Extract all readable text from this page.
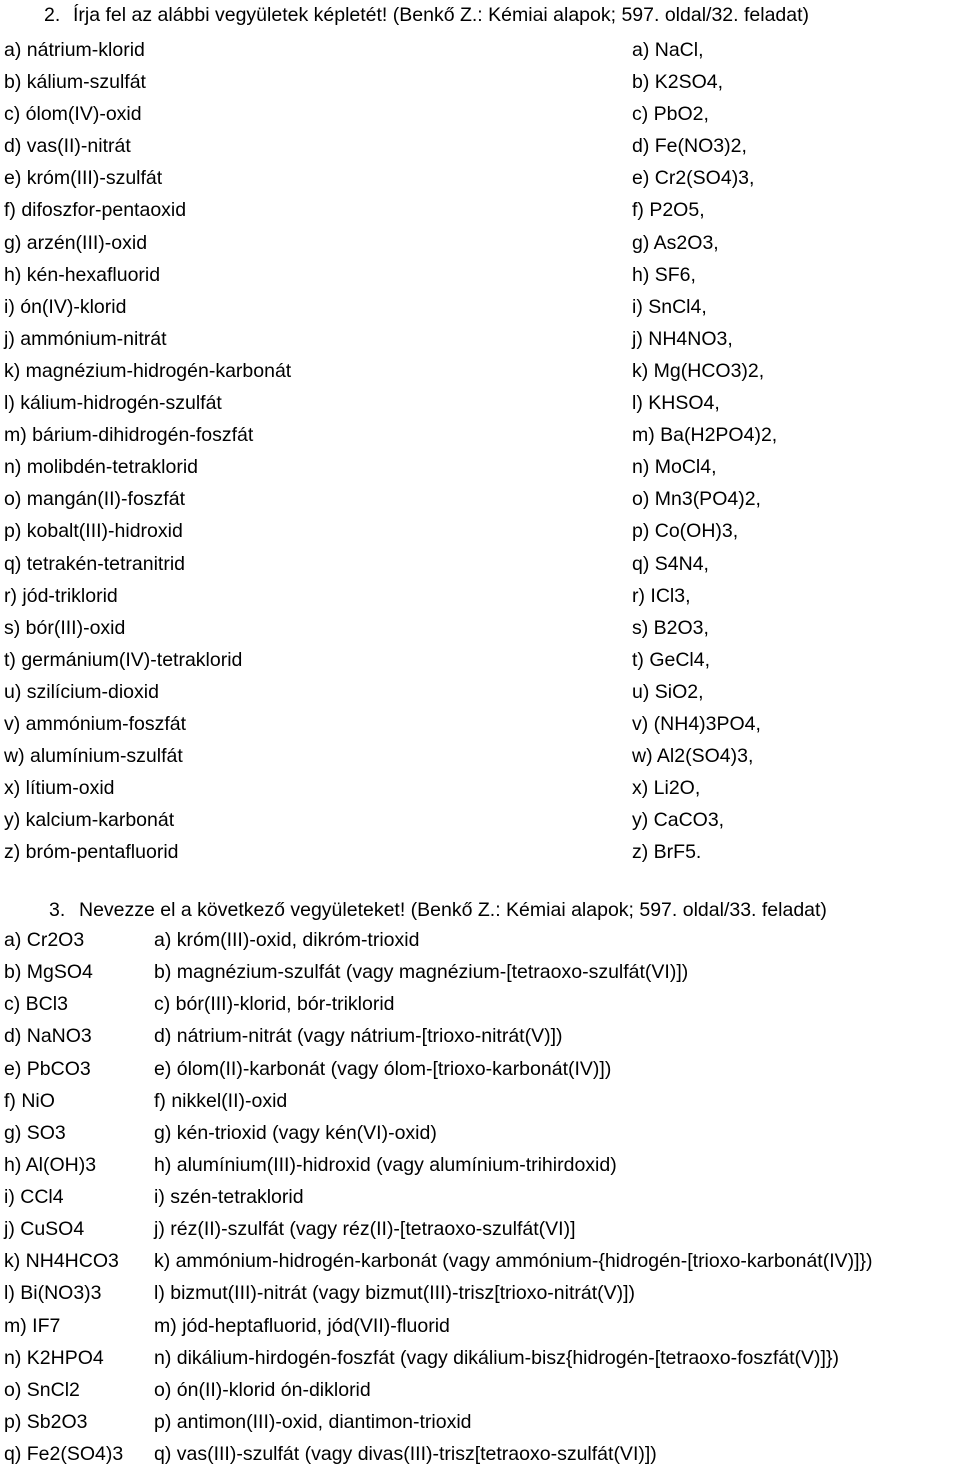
2. Írja fel az alábbi vegyületek képletét! (Benkő Z.: Kémiai alapok; 597. oldal/32. feladat)
a) nátrium-klorid	a) NaCl,
b) kálium-szulfát	b) K2SO4,
c) ólom(IV)-oxid	c) PbO2,
d) vas(II)-nitrát	d) Fe(NO3)2,
e) króm(III)-szulfát	e) Cr2(SO4)3,
f) difoszfor-pentaoxid	f) P2O5,
g) arzén(III)-oxid	g) As2O3,
h) kén-hexafluorid	h) SF6,
i) ón(IV)-klorid	i) SnCl4,
j) ammónium-nitrát	j) NH4NO3,
k) magnézium-hidrogén-karbonát	k) Mg(HCO3)2,
l) kálium-hidrogén-szulfát	l) KHSO4,
m) bárium-dihidrogén-foszfát	m) Ba(H2PO4)2,
n) molibdén-tetraklorid	n) MoCl4,
o) mangán(II)-foszfát	o) Mn3(PO4)2,
p) kobalt(III)-hidroxid	p) Co(OH)3,
q) tetrakén-tetranitrid	q) S4N4,
r) jód-triklorid	r) ICl3,
s) bór(III)-oxid	s) B2O3,
t) germánium(IV)-tetraklorid	t) GeCl4,
u) szilícium-dioxid	u) SiO2,
v) ammónium-foszfát	v) (NH4)3PO4,
w) alumínium-szulfát	w) Al2(SO4)3,
x) lítium-oxid	x) Li2O,
y) kalcium-karbonát	y) CaCO3,
z) bróm-pentafluorid	z) BrF5.
3. Nevezze el a következő vegyületeket! (Benkő Z.: Kémiai alapok; 597. oldal/33. feladat)
a) Cr2O3	a) króm(III)-oxid, dikróm-trioxid
b) MgSO4	b) magnézium-szulfát (vagy magnézium-[tetraoxo-szulfát(VI)])
c) BCl3	c) bór(III)-klorid, bór-triklorid
d) NaNO3	d) nátrium-nitrát (vagy nátrium-[trioxo-nitrát(V)])
e) PbCO3	e) ólom(II)-karbonát (vagy ólom-[trioxo-karbonát(IV)])
f) NiO	f) nikkel(II)-oxid
g) SO3	g) kén-trioxid (vagy kén(VI)-oxid)
h) Al(OH)3	h) alumínium(III)-hidroxid (vagy alumínium-trihirdoxid)
i) CCl4	i) szén-tetraklorid
j) CuSO4	j) réz(II)-szulfát (vagy réz(II)-[tetraoxo-szulfát(VI)]
k) NH4HCO3 k) ammónium-hidrogén-karbonát (vagy ammónium-{hidrogén-[trioxo-karbonát(IV)]})
l) Bi(NO3)3	l) bizmut(III)-nitrát (vagy bizmut(III)-trisz[trioxo-nitrát(V)])
m) IF7	m) jód-heptafluorid, jód(VII)-fluorid
n) K2HPO4	n) dikálium-hirdogén-foszfát (vagy dikálium-bisz{hidrogén-[tetraoxo-foszfát(V)]})
o) SnCl2	o) ón(II)-klorid ón-diklorid
p) Sb2O3	p) antimon(III)-oxid, diantimon-trioxid
q) Fe2(SO4)3 q) vas(III)-szulfát (vagy divas(III)-trisz[tetraoxo-szulfát(VI)])
